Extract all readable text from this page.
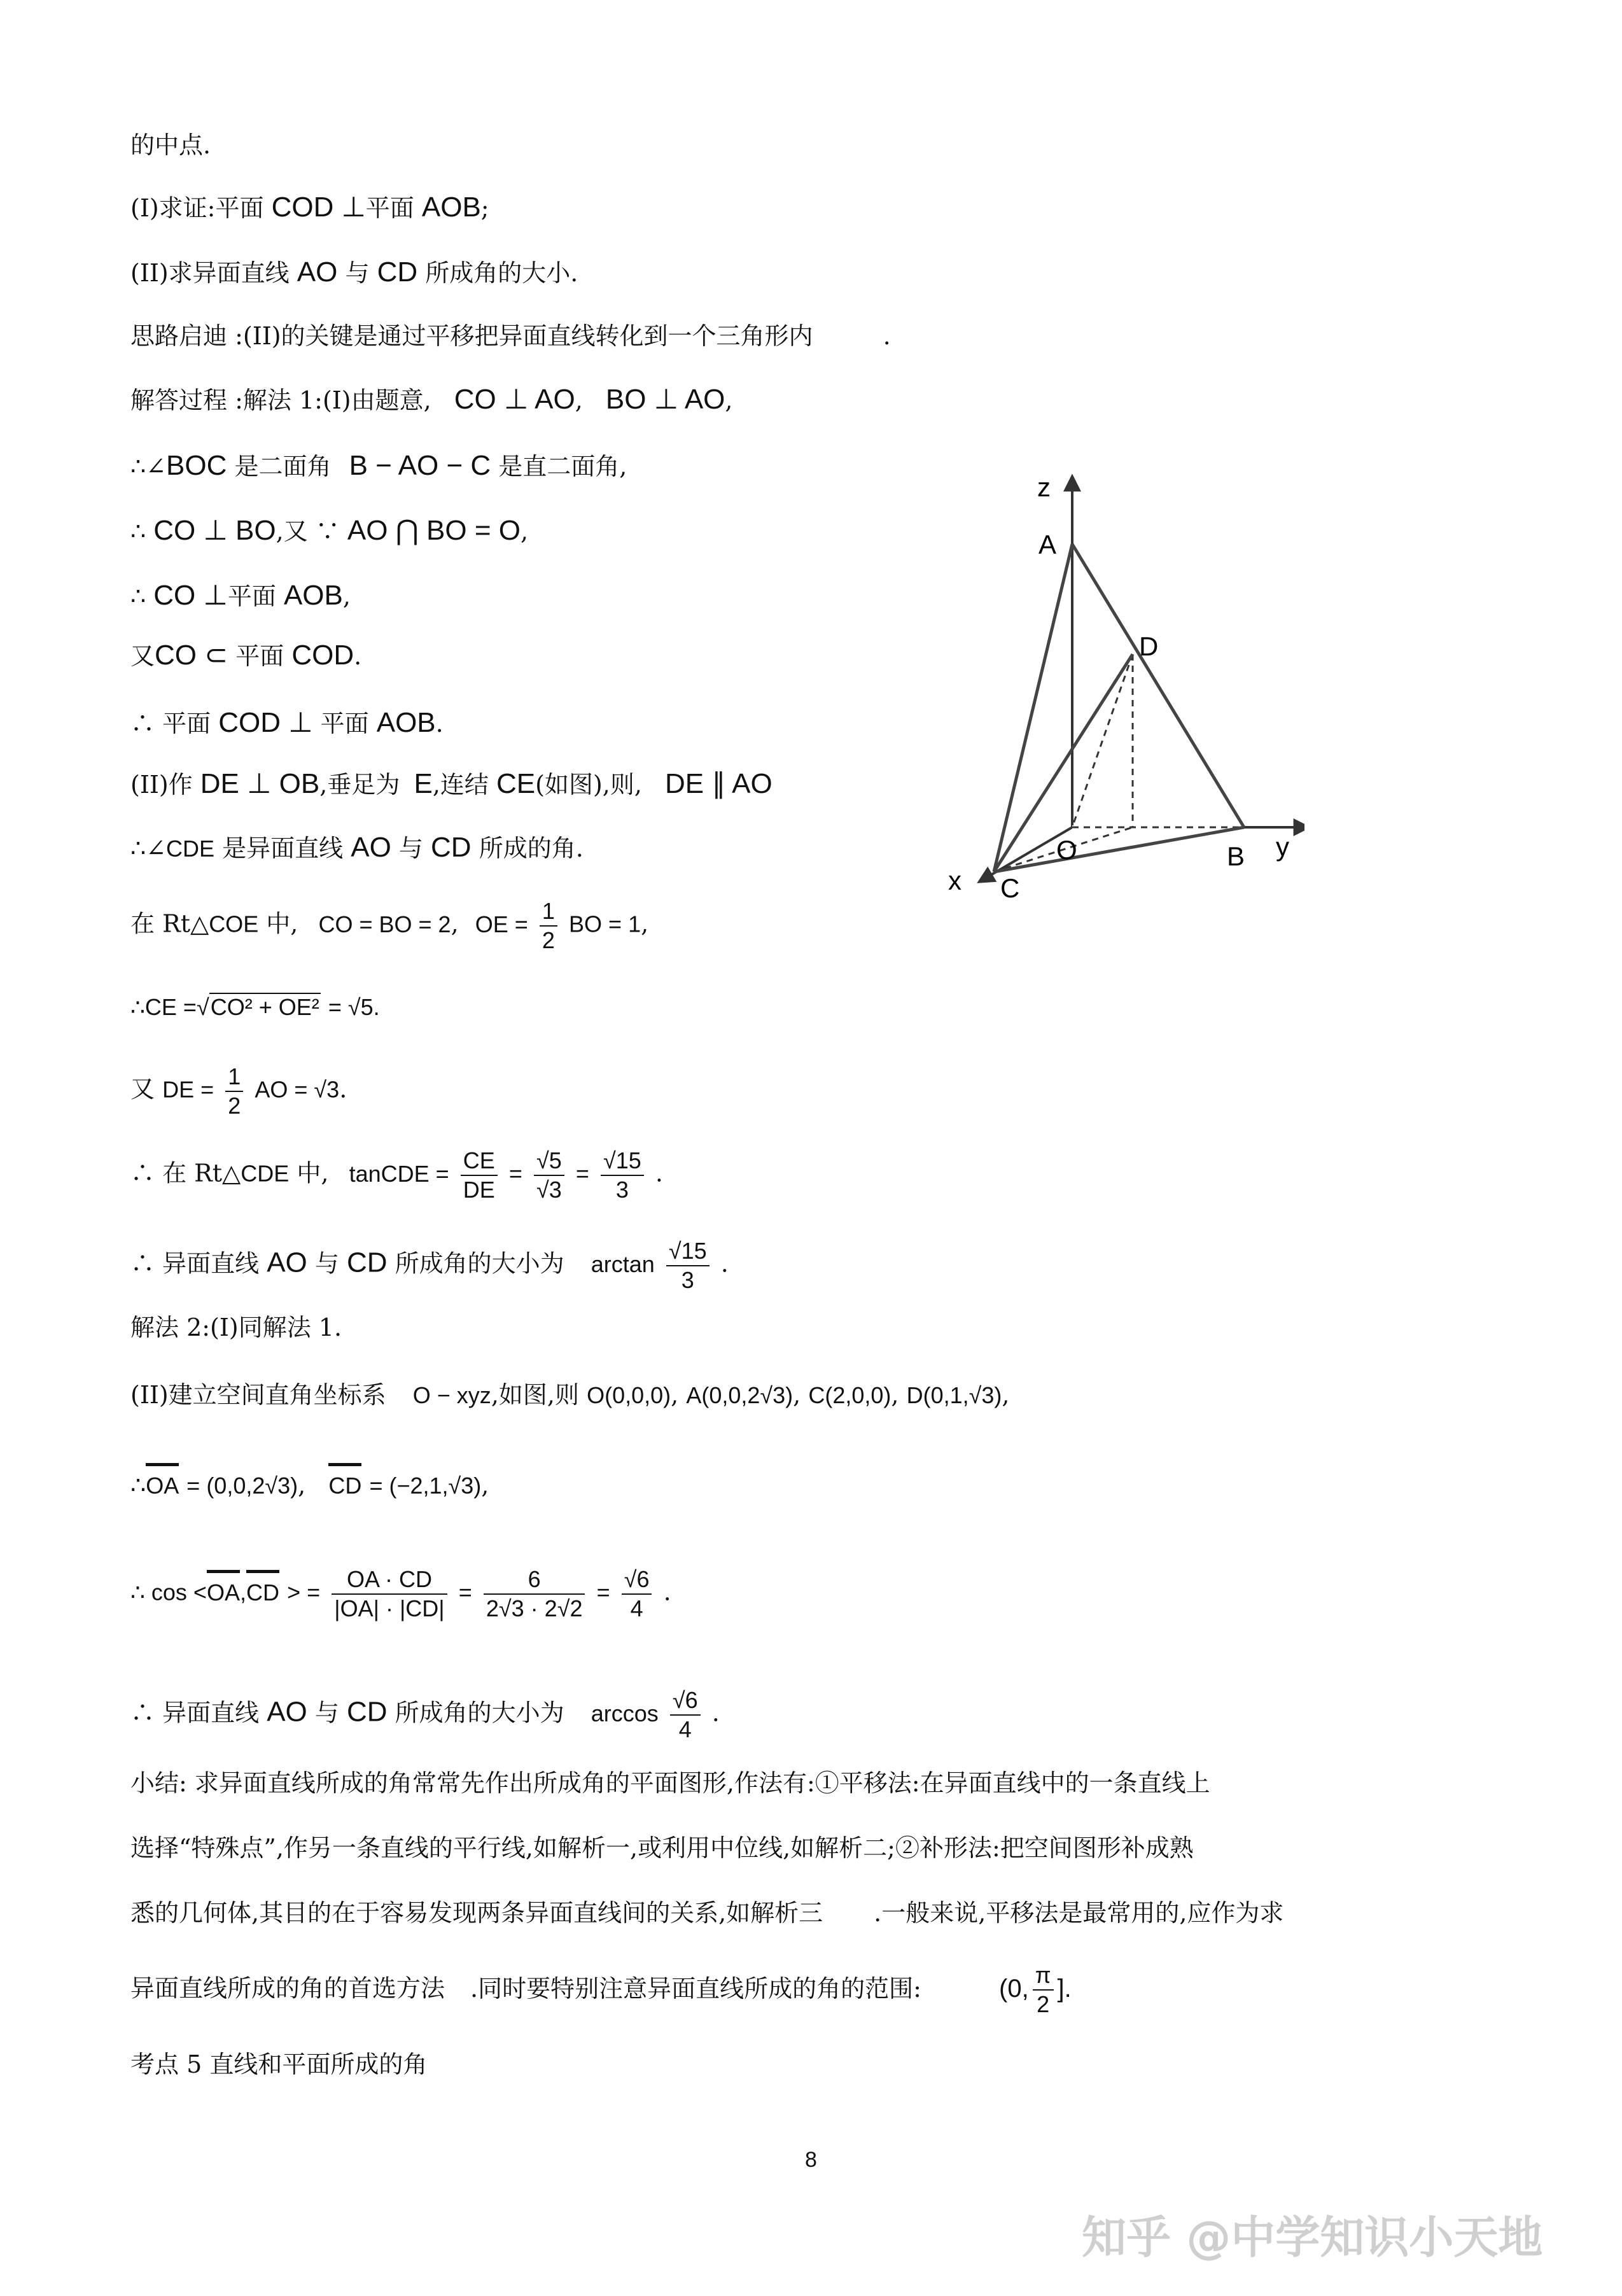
的中点.
(I)求证:平面 COD ⊥平面 AOB;
(II)求异面直线 AO 与 CD 所成角的大小.
思路启迪 :(II)的关键是通过平移把异面直线转化到一个三角形内	.
解答过程 :解法 1:(I)由题意, CO ⊥ AO, BO ⊥ AO,
∴∠BOC 是二面角 B − AO − C 是直二面角,
∴ CO ⊥ BO,又 ∵ AO ⋂ BO = O,
∴ CO ⊥平面 AOB,
又CO ⊂ 平面 COD.
∴ 平面 COD ⊥ 平面 AOB.
(II)作 DE ⊥ OB,垂足为 E,连结 CE(如图),则, DE ∥ AO
∴∠CDE 是异面直线 AO 与 CD 所成的角.
在 Rt△COE 中, CO = BO = 2, OE = $\frac{1}{2}$ BO = 1,
∴CE =√CO² + OE² = √5.
又 DE = $\frac{1}{2}$ AO = √3.
∴ 在 Rt△CDE 中, tanCDE = $\frac{CE}{DE} = \frac{√5}{√3} = \frac{√15}{3}$ .
∴ 异面直线 AO 与 CD 所成角的大小为 $\arctan \frac{√15}{3}$ .
解法 2:(I)同解法 1.
(II)建立空间直角坐标系 O − xyz,如图,则 O(0,0,0), A(0,0,2√3), C(2,0,0), D(0,1,√3),
∴OA = (0,0,2√3), CD = (−2,1,√3),
∴ cos <OA,CD > = $\frac{OA \cdot CD}{|OA| \cdot |CD|} = \frac{6}{2√3 \cdot 2√2} = \frac{√6}{4}$ .
∴ 异面直线 AO 与 CD 所成角的大小为 $\arccos \frac{√6}{4}$ .
小结: 求异面直线所成的角常常先作出所成角的平面图形,作法有:①平移法:在异面直线中的一条直线上
选择“特殊点”,作另一条直线的平行线,如解析一,或利用中位线,如解析二;②补形法:把空间图形补成熟
悉的几何体,其目的在于容易发现两条异面直线间的关系,如解析三 .一般来说,平移法是最常用的,应作为求
异面直线所成的角的首选方法 .同时要特别注意异面直线所成的角的范围:	(0, $\frac{\pi}{2}$ ].
考点 5 直线和平面所成的角
z
A
D
O	B y
x C
8
知乎 @中学知识小天地
